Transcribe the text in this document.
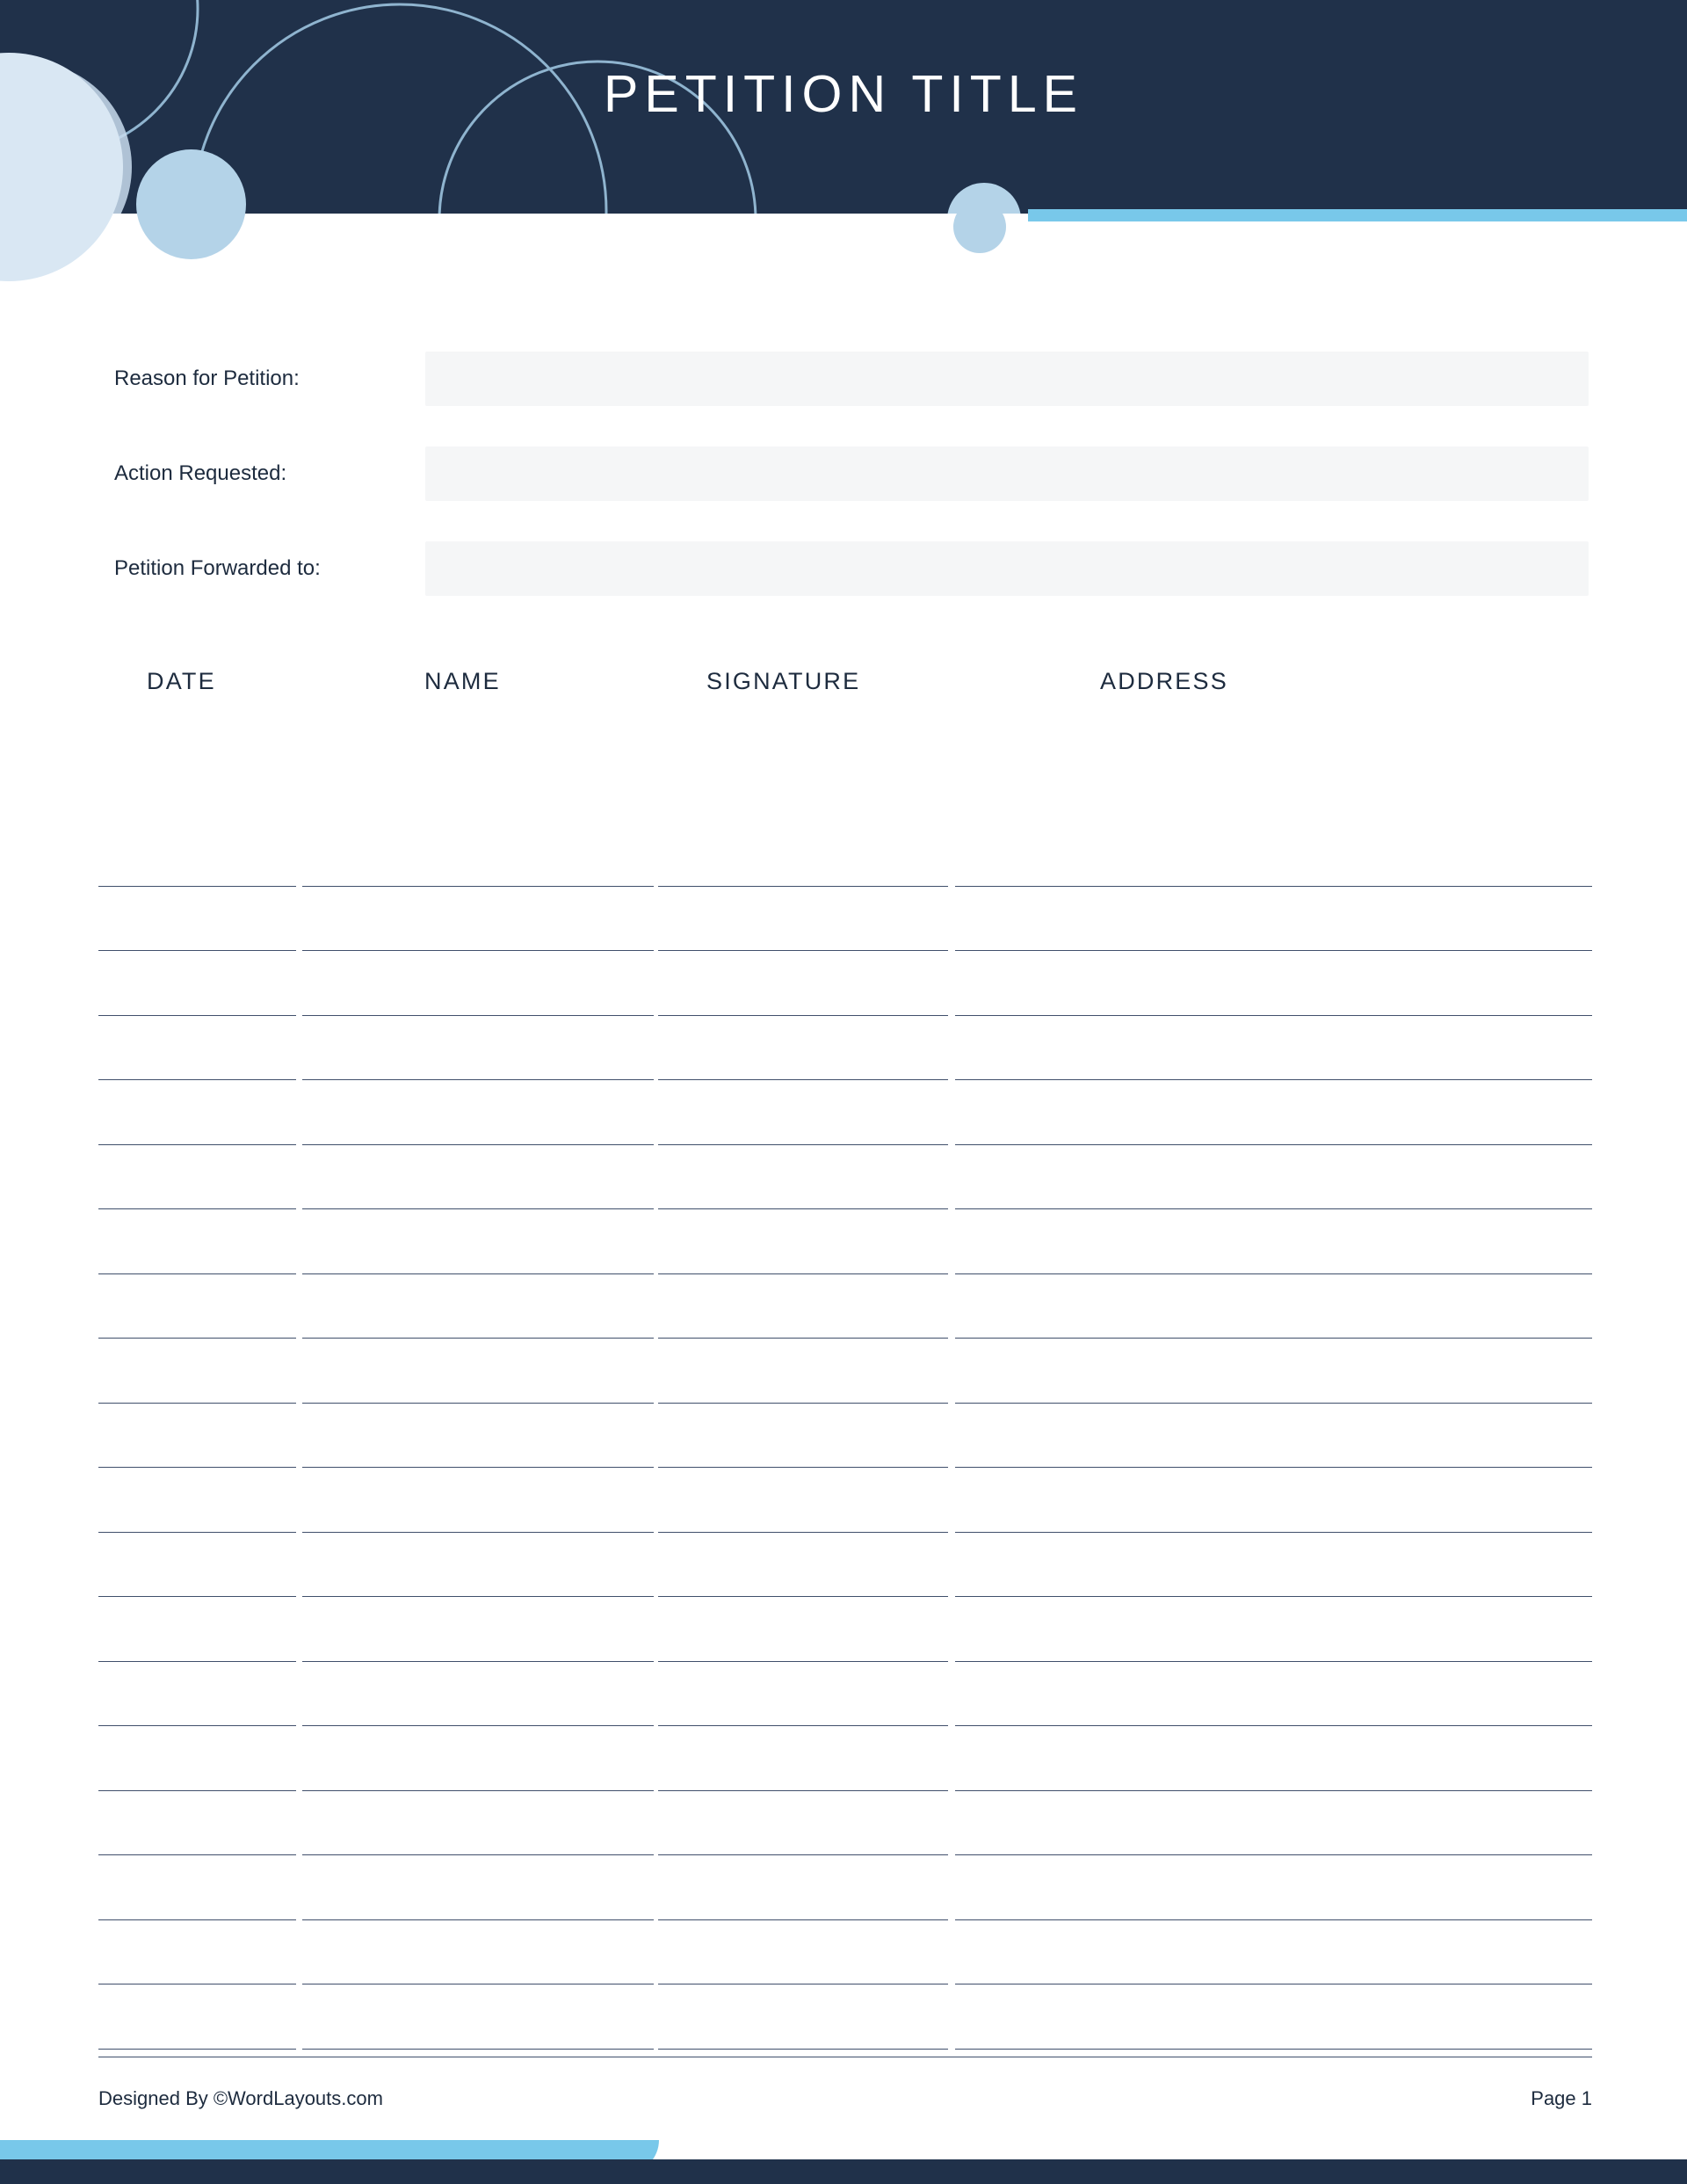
PETITION TITLE
Reason for Petition:
Action Requested:
Petition Forwarded to:
DATE	NAME	SIGNATURE	ADDRESS
Designed By ©WordLayouts.com	Page 1
